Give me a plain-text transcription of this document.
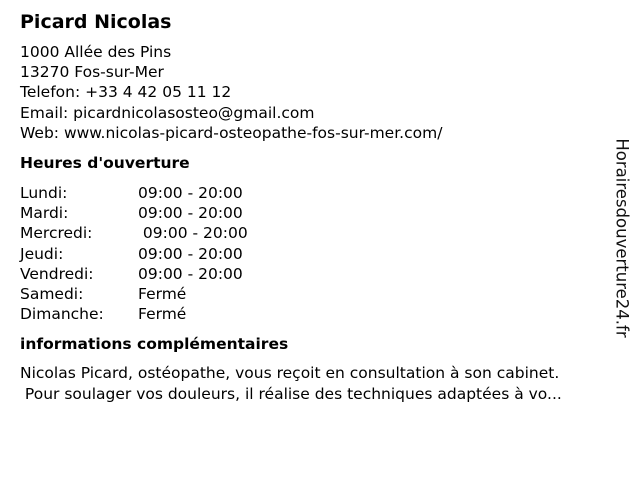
Picard Nicolas
1000 Allée des Pins
13270 Fos-sur-Mer
Telefon: +33 4 42 05 11 12
Email: picardnicolasosteo@gmail.com
Web: www.nicolas-picard-osteopathe-fos-sur-mer.com/
Heures d'ouverture
Lundi:	09:00 - 20:00
Mardi:	09:00 - 20:00
Mercredi:	09:00 - 20:00
Jeudi:	09:00 - 20:00
Vendredi:	09:00 - 20:00
Samedi:	Fermé
Dimanche:	Fermé
informations complémentaires
Nicolas Picard, ostéopathe, vous reçoit en consultation à son cabinet.
Pour soulager vos douleurs, il réalise des techniques adaptées à vo...
Horairesdouverture24.fr
